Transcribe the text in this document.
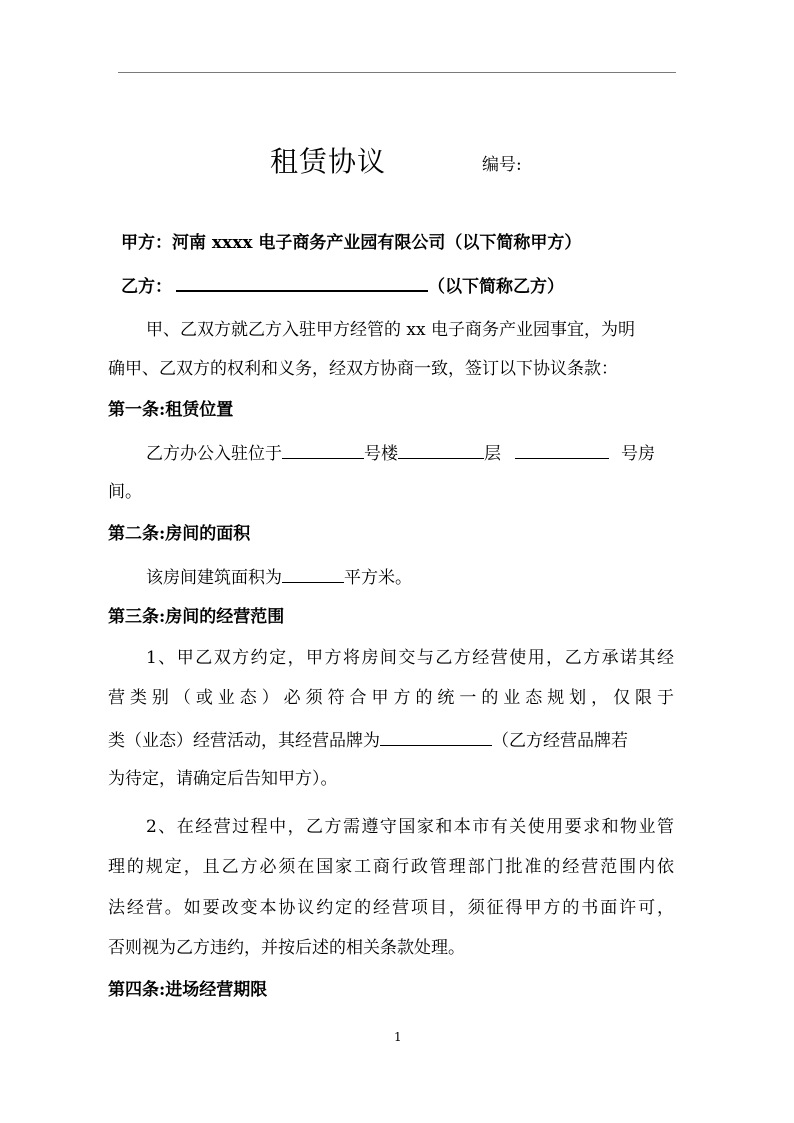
租赁协议	编号:
甲方：河南 xxxx 电子商务产业园有限公司（以下简称甲方）
乙方：	（以下简称乙方）
甲、乙双方就乙方入驻甲方经管的 xx 电子商务产业园事宜，为明
确甲、乙双方的权利和义务，经双方协商一致，签订以下协议条款：
第一条:租赁位置
乙方办公入驻位于	号楼	层	号房
间。
第二条:房间的面积
该房间建筑面积为	平方米。
第三条:房间的经营范围
1、甲乙双方约定，甲方将房间交与乙方经营使用，乙方承诺其经
营类别（或业态）必须符合甲方的统一的业态规划，仅限于
类（业态）经营活动，其经营品牌为	（乙方经营品牌若
为待定，请确定后告知甲方）。
2、在经营过程中，乙方需遵守国家和本市有关使用要求和物业管
理的规定，且乙方必须在国家工商行政管理部门批准的经营范围内依
法经营。如要改变本协议约定的经营项目，须征得甲方的书面许可，
否则视为乙方违约，并按后述的相关条款处理。
第四条:进场经营期限
1
